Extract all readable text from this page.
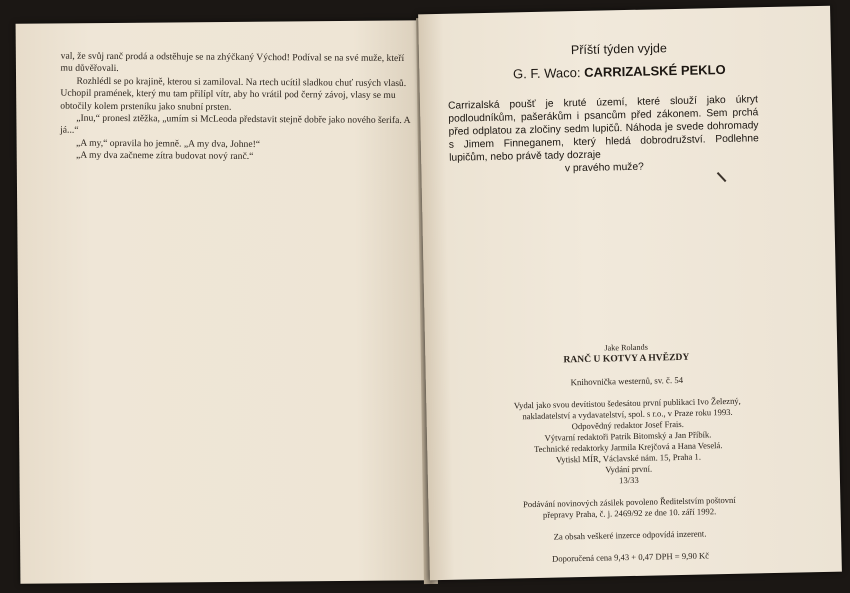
val, že svůj ranč prodá a odstěhuje se na zhýčkaný Východ! Podíval se na své muže, kteří mu důvěřovali.

Rozhlédl se po krajině, kterou si zamiloval. Na rtech ucítil sladkou chuť rusých vlasů. Uchopil pramének, který mu tam přilípl vítr, aby ho vrátil pod černý závoj, vlasy se mu obtočily kolem prsteníku jako snubní prsten.

„Inu,“ pronesl ztěžka, „umím si McLeoda představit stejně dobře jako nového šerifa. A já...“

„A my,“ opravila ho jemně. „A my dva, Johne!“

„A my dva začneme zítra budovat nový ranč.“

Příští týden vyjde
G. F. Waco: CARRIZALSKÉ PEKLO
Carrizalská poušť je kruté území, které slouží jako úkryt podloudníkům, pašerákům i psancům před zákonem. Sem prchá před odplatou za zločiny sedm lupičů. Náhoda je svede dohromady s Jimem Finneganem, který hledá dobrodružství. Podlehne lupičům, nebo právě tady dozraje
v pravého muže?
Jake Rolands
RANČ U KOTVY A HVĚZDY
Knihovnička westernů, sv. č. 54
Vydal jako svou devítistou šedesátou první publikaci Ivo Železný,
nakladatelství a vydavatelství, spol. s r.o., v Praze roku 1993.
Odpovědný redaktor Josef Frais.
Výtvarní redaktoři Patrik Bitomský a Jan Příbík.
Technické redaktorky Jarmila Krejčová a Hana Veselá.
Vytiskl MÍR, Václavské nám. 15, Praha 1.
Vydání první.
13/33
Podávání novinových zásilek povoleno Ředitelstvím poštovní
přepravy Praha, č. j. 2469/92 ze dne 10. září 1992.
Za obsah veškeré inzerce odpovídá inzerent.
Doporučená cena 9,43 + 0,47 DPH = 9,90 Kč
